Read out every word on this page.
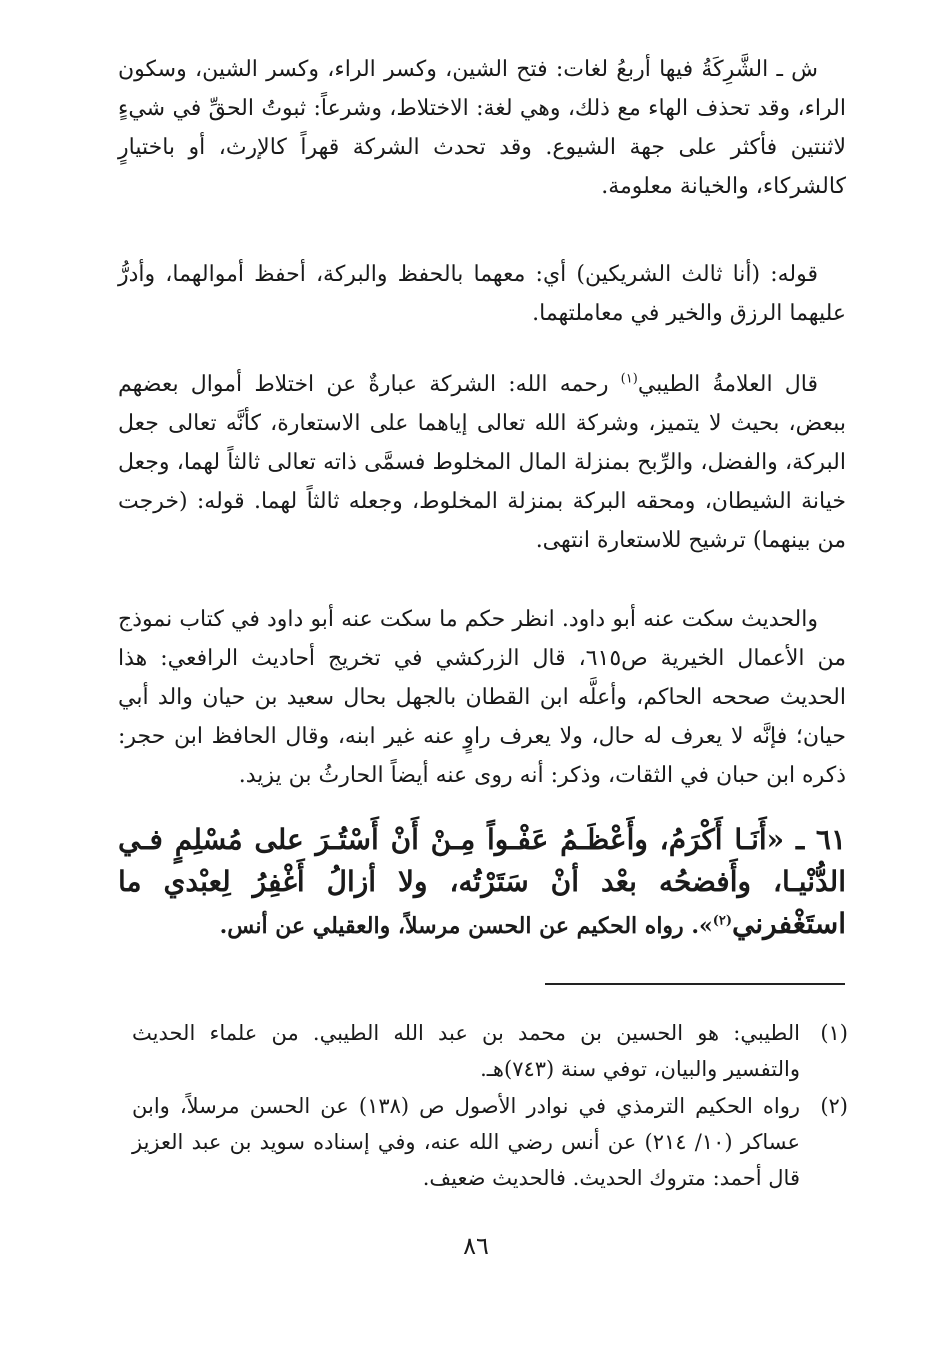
ش ـ الشَّرِكَةُ فيها أربعُ لغات: فتح الشين، وكسر الراء، وكسر الشين، وسكون الراء، وقد تحذف الهاء مع ذلك، وهي لغة: الاختلاط، وشرعاً: ثبوتُ الحقِّ في شيءٍ لاثنتين فأكثر على جهة الشيوع. وقد تحدث الشركة قهراً كالإرث، أو باختيارٍ كالشركاء، والخيانة معلومة.

قوله: (أنا ثالث الشريكين) أي: معهما بالحفظ والبركة، أحفظ أموالهما، وأدرُّ عليهما الرزق والخير في معاملتهما.

قال العلامةُ الطيبي$^{(١)}$ رحمه الله: الشركة عبارةٌ عن اختلاط أموال بعضهم ببعض، بحيث لا يتميز، وشركة الله تعالى إياهما على الاستعارة، كأنَّه تعالى جعل البركة، والفضل، والرِّبح بمنزلة المال المخلوط فسمَّى ذاته تعالى ثالثاً لهما، وجعل خيانة الشيطان، ومحقه البركة بمنزلة المخلوط، وجعله ثالثاً لهما. قوله: (خرجت من بينهما) ترشيح للاستعارة انتهى.

والحديث سكت عنه أبو داود. انظر حكم ما سكت عنه أبو داود في كتاب نموذج من الأعمال الخيرية ص٦١٥، قال الزركشي في تخريج أحاديث الرافعي: هذا الحديث صححه الحاكم، وأعلَّه ابن القطان بالجهل بحال سعيد بن حيان والد أبي حيان؛ فإنَّه لا يعرف له حال، ولا يعرف راوٍ عنه غير ابنه، وقال الحافظ ابن حجر: ذكره ابن حبان في الثقات، وذكر: أنه روى عنه أيضاً الحارثُ بن يزيد.

٦١ ـ «أَنَـا أَكْرَمُ، وأَعْظَـمُ عَفْـواً مِـنْ أَنْ أَسْتُـرَ على مُسْلِمٍ فـي الدُّنْيـا، وأَفضحُه بعْد أنْ سَتَرْتُه، ولا أزالُ أَغْفِرُ لِعبْدي ما استَغْفرني$^{(٢)}$». رواه الحكيم عن الحسن مرسلاً، والعقيلي عن أنس.

(١)
الطيبي: هو الحسين بن محمد بن عبد الله الطيبي. من علماء الحديث والتفسير والبيان، توفي سنة (٧٤٣)هـ.
(٢)
رواه الحكيم الترمذي في نوادر الأصول ص (١٣٨) عن الحسن مرسلاً، وابن عساكر (١٠/ ٢١٤) عن أنس رضي الله عنه، وفي إسناده سويد بن عبد العزيز قال أحمد: متروك الحديث. فالحديث ضعيف.
٨٦
